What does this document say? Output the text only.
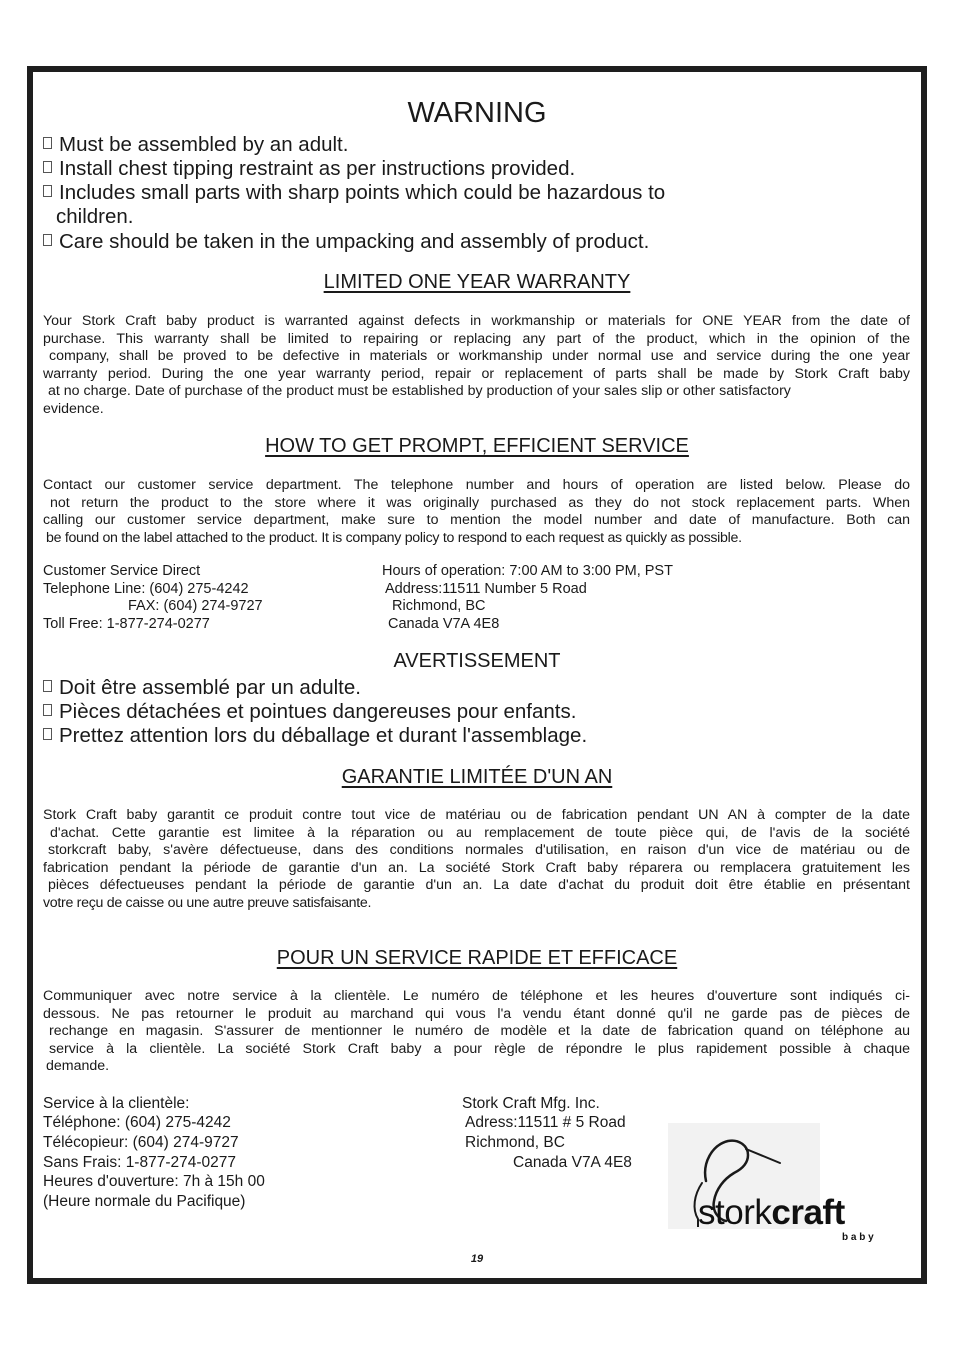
WARNING
Must be assembled by an adult.
Install chest tipping restraint as per instructions provided.
Includes small parts with sharp points which could be hazardous to
children.
Care should be taken in the umpacking and assembly of product.
LIMITED ONE YEAR WARRANTY
Your Stork Craft baby product is warranted against defects in workmanship or materials for ONE YEAR from the date of
purchase. This warranty shall be limited to repairing or replacing any part of the product, which in the opinion of the
company, shall be proved to be defective in materials or workmanship under normal use and service during the one year
warranty period. During the one year warranty period, repair or replacement of parts shall be made by Stork Craft baby
at no charge. Date of purchase of the product must be established by production of your sales slip or other satisfactory
evidence.
HOW TO GET PROMPT, EFFICIENT SERVICE
Contact our customer service department. The telephone number and hours of operation are listed below. Please do
not return the product to the store where it was originally purchased as they do not stock replacement parts. When
calling our customer service department, make sure to mention the model number and date of manufacture. Both can
be found on the label attached to the product. It is company policy to respond to each request as quickly as possible.
Customer Service Direct
Telephone Line: (604) 275-4242
FAX: (604) 274-9727
Toll Free: 1-877-274-0277
Hours of operation: 7:00 AM to 3:00 PM, PST
Address:11511 Number 5 Road
Richmond, BC
Canada V7A 4E8
AVERTISSEMENT
Doit être assemblé par un adulte.
Pièces détachées et pointues dangereuses pour enfants.
Prettez attention lors du déballage et durant l'assemblage.
GARANTIE LIMITÉE D'UN AN
Stork Craft baby garantit ce produit contre tout vice de matériau ou de fabrication pendant UN AN à compter de la date
d'achat. Cette garantie est limitee à la réparation ou au remplacement de toute pièce qui, de l'avis de la société
storkcraft baby, s'avère défectueuse, dans des conditions normales d'utilisation, en raison d'un vice de matériau ou de
fabrication pendant la période de garantie d'un an. La société Stork Craft baby réparera ou remplacera gratuitement les
pièces défectueuses pendant la période de garantie d'un an. La date d'achat du produit doit être établie en présentant
votre reçu de caisse ou une autre preuve satisfaisante.
POUR UN SERVICE RAPIDE ET EFFICACE
Communiquer avec notre service à la clientèle. Le numéro de téléphone et les heures d'ouverture sont indiqués ci-
dessous. Ne pas retourner le produit au marchand qui vous l'a vendu étant donné qu'il ne garde pas de pièces de
rechange en magasin. S'assurer de mentionner le numéro de modèle et la date de fabrication quand on téléphone au
service à la clientèle. La société Stork Craft baby a pour règle de répondre le plus rapidement possible à chaque
demande.
Service à la clientèle:
Téléphone: (604) 275-4242
Télécopieur: (604) 274-9727
Sans Frais: 1-877-274-0277
Heures d'ouverture: 7h à 15h 00
(Heure normale du Pacifique)
Stork Craft Mfg. Inc.
Adress:11511 # 5 Road
Richmond, BC
Canada V7A 4E8
storkcraft
b a b y
19
